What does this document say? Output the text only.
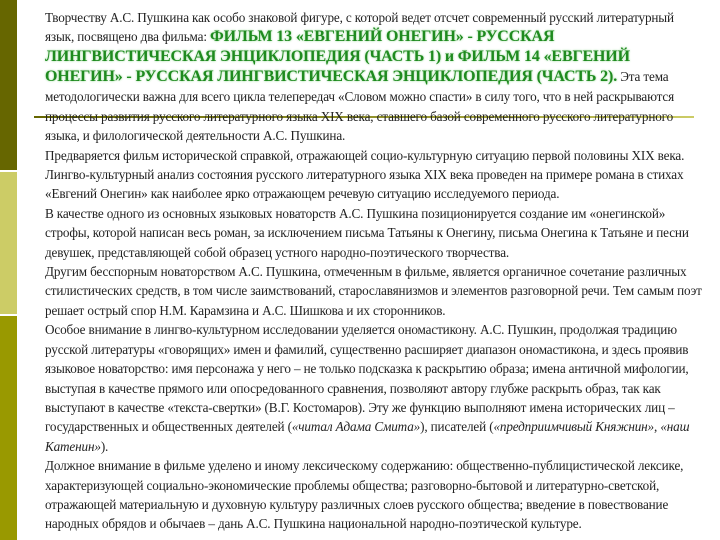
Творчеству А.С. Пушкина как особо знаковой фигуре, с которой ведет отсчет современный русский литературный язык, посвящено два фильма: ФИЛЬМ 13 «ЕВГЕНИЙ ОНЕГИН» - РУССКАЯ ЛИНГВИСТИЧЕСКАЯ ЭНЦИКЛОПЕДИЯ (ЧАСТЬ 1) и ФИЛЬМ 14 «ЕВГЕНИЙ ОНЕГИН» - РУССКАЯ ЛИНГВИСТИЧЕСКАЯ ЭНЦИКЛОПЕДИЯ (ЧАСТЬ 2). Эта тема методологически важна для всего цикла телепередач «Словом можно спасти» в силу того, что в ней раскрываются процессы развития русского литературного языка XIX века, ставшего базой современного русского литературного языка, и филологической деятельности А.С. Пушкина.

Предваряется фильм исторической справкой, отражающей социо-культурную ситуацию первой половины XIX века. Лингво-культурный анализ состояния русского литературного языка XIX века проведен на примере романа в стихах «Евгений Онегин» как наиболее ярко отражающем речевую ситуацию исследуемого периода.

В качестве одного из основных языковых новаторств А.С. Пушкина позиционируется создание им «онегинской» строфы, которой написан весь роман, за исключением письма Татьяны к Онегину, письма Онегина к Татьяне и песни девушек, представляющей собой образец устного народно-поэтического творчества.

Другим бесспорным новаторством А.С. Пушкина, отмеченным в фильме, является органичное сочетание различных стилистических средств, в том числе заимствований, старославянизмов и элементов разговорной речи. Тем самым поэт решает острый спор Н.М. Карамзина и А.С. Шишкова и их сторонников.

Особое внимание в лингво-культурном исследовании уделяется ономастикону. А.С. Пушкин, продолжая традицию русской литературы «говорящих» имен и фамилий, существенно расширяет диапазон ономастикона, и здесь проявив языковое новаторство: имя персонажа у него – не только подсказка к раскрытию образа; имена античной мифологии, выступая в качестве прямого или опосредованного сравнения, позволяют автору глубже раскрыть образ, так как выступают в качестве «текста-свертки» (В.Г. Костомаров). Эту же функцию выполняют имена исторических лиц – государственных и общественных деятелей («читал Адама Смита»), писателей («предприимчивый Княжнин», «наш Катенин»).

Должное внимание в фильме уделено и иному лексическому содержанию: общественно-публицистической лексике, характеризующей социально-экономические проблемы общества; разговорно-бытовой и литературно-светской, отражающей материальную и духовную культуру различных слоев русского общества; введение в повествование народных обрядов и обычаев – дань А.С. Пушкина национальной народно-поэтической культуре.
